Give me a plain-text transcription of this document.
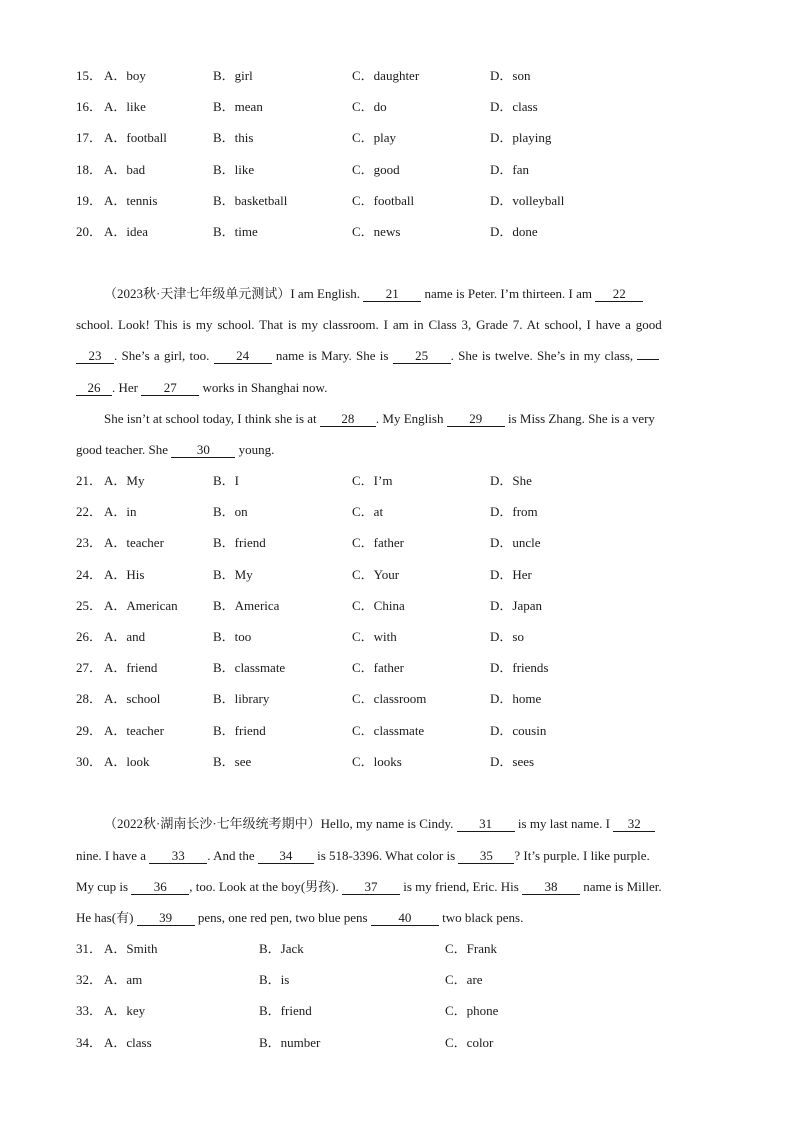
15． A．boy	B．girl	C．daughter	D．son
16． A．like	B．mean	C．do	D．class
17． A．football	B．this	C．play	D．playing
18． A．bad	B．like	C．good	D．fan
19． A．tennis	B．basketball	C．football	D．volleyball
20． A．idea	B．time	C．news	D．done
（2023秋·天津七年级单元测试）I am English. 21 name is Peter. I’m thirteen. I am 22
school. Look! This is my school. That is my classroom. I am in Class 3, Grade 7. At school, I have a good
23 . She’s a girl, too. 24 name is Mary. She is 25 . She is twelve. She’s in my class,
26 . Her 27 works in Shanghai now.
She isn’t at school today, I think she is at 28 . My English 29 is Miss Zhang. She is a very
good teacher. She 30 young.
21． A．My	B．I	C．I’m	D．She
22． A．in	B．on	C．at	D．from
23． A．teacher	B．friend	C．father	D．uncle
24． A．His	B．My	C．Your	D．Her
25． A．American	B．America	C．China	D．Japan
26． A．and	B．too	C．with	D．so
27． A．friend	B．classmate	C．father	D．friends
28． A．school	B．library	C．classroom	D．home
29． A．teacher	B．friend	C．classmate	D．cousin
30． A．look	B．see	C．looks	D．sees
（2022秋·湖南长沙·七年级统考期中）Hello, my name is Cindy. 31 is my last name. I 32
nine. I have a 33 . And the 34 is 518-3396. What color is 35 ? It’s purple. I like purple.
My cup is 36 , too. Look at the boy(男孩). 37 is my friend, Eric. His 38 name is Miller.
He has(有) 39 pens, one red pen, two blue pens 40 two black pens.
31． A．Smith	B．Jack	C．Frank
32． A．am	B．is	C．are
33． A．key	B．friend	C．phone
34． A．class	B．number	C．color
